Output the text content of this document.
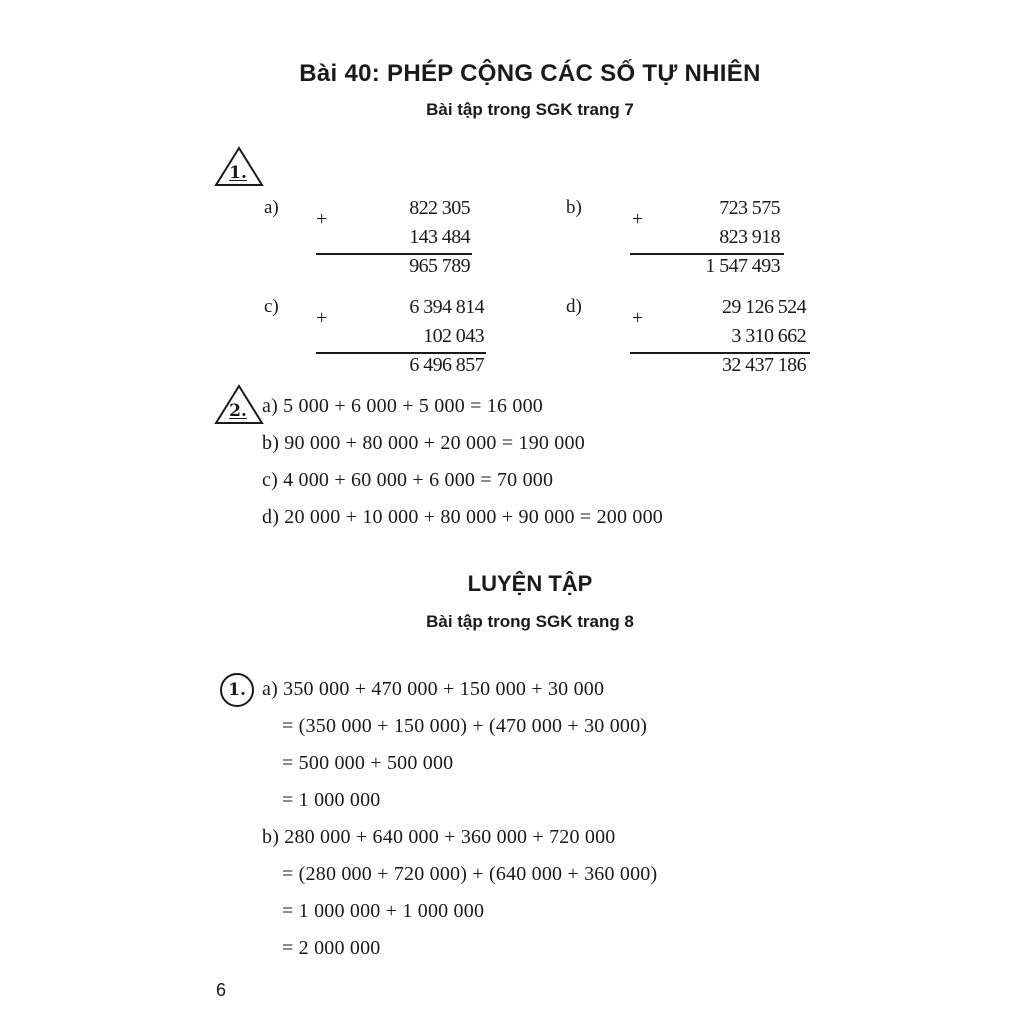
Bài 40: PHÉP CỘNG CÁC SỐ TỰ NHIÊN
Bài tập trong SGK trang 7
1.
a)
+	822 305
143 484
965 789
b)
+	723 575
823 918
1 547 493
c)
+	6 394 814
102 043
6 496 857
d)
+	29 126 524
3 310 662
32 437 186
2. a) 5 000 + 6 000 + 5 000 = 16 000
b) 90 000 + 80 000 + 20 000 = 190 000
c) 4 000 + 60 000 + 6 000 = 70 000
d) 20 000 + 10 000 + 80 000 + 90 000 = 200 000
LUYỆN TẬP
Bài tập trong SGK trang 8
1. a) 350 000 + 470 000 + 150 000 + 30 000
= (350 000 + 150 000) + (470 000 + 30 000)
= 500 000 + 500 000
= 1 000 000
b) 280 000 + 640 000 + 360 000 + 720 000
= (280 000 + 720 000) + (640 000 + 360 000)
= 1 000 000 + 1 000 000
= 2 000 000
6
